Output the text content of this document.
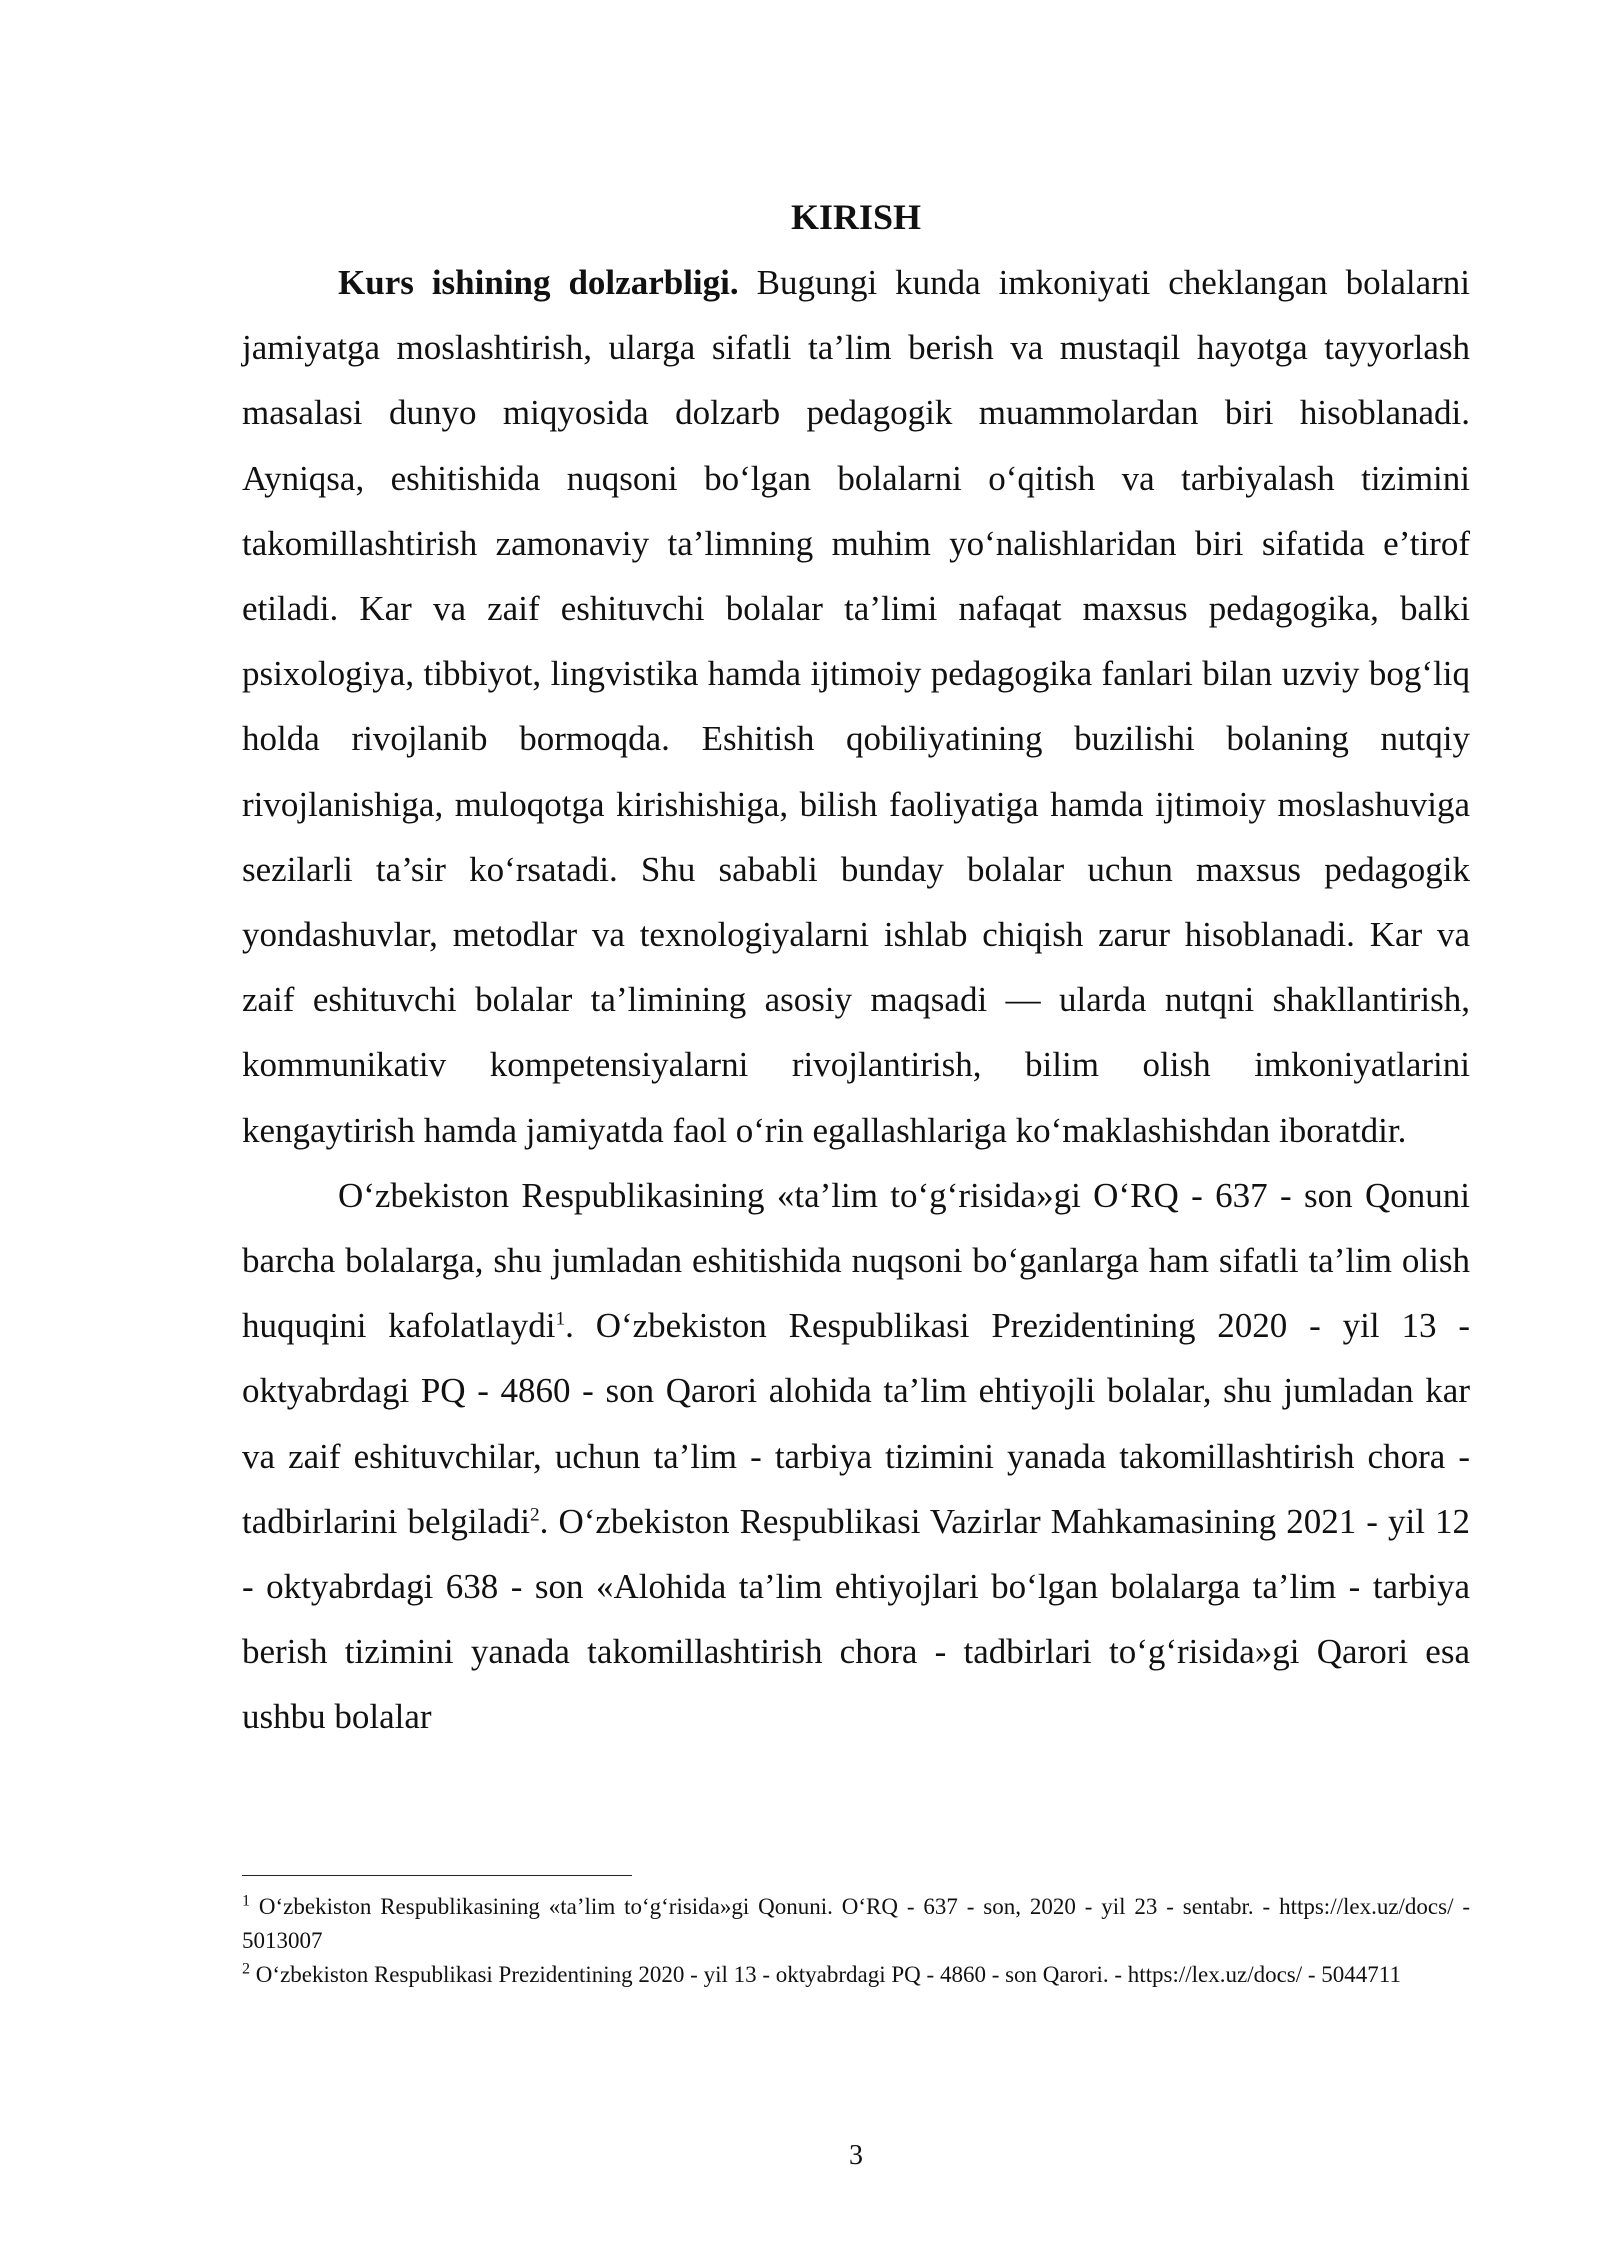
KIRISH

Kurs ishining dolzarbligi. Bugungi kunda imkoniyati cheklangan bolalarni jamiyatga moslashtirish, ularga sifatli ta’lim berish va mustaqil hayotga tayyorlash masalasi dunyo miqyosida dolzarb pedagogik muammolardan biri hisoblanadi. Ayniqsa, eshitishida nuqsoni bo‘lgan bolalarni o‘qitish va tarbiyalash tizimini takomillashtirish zamonaviy ta’limning muhim yo‘nalishlaridan biri sifatida e’tirof etiladi. Kar va zaif eshituvchi bolalar ta’limi nafaqat maxsus pedagogika, balki psixologiya, tibbiyot, lingvistika hamda ijtimoiy pedagogika fanlari bilan uzviy bog‘liq holda rivojlanib bormoqda. Eshitish qobiliyatining buzilishi bolaning nutqiy rivojlanishiga, muloqotga kirishishiga, bilish faoliyatiga hamda ijtimoiy moslashuviga sezilarli ta’sir ko‘rsatadi. Shu sababli bunday bolalar uchun maxsus pedagogik yondashuvlar, metodlar va texnologiyalarni ishlab chiqish zarur hisoblanadi. Kar va zaif eshituvchi bolalar ta’limining asosiy maqsadi — ularda nutqni shakllantirish, kommunikativ kompetensiyalarni rivojlantirish, bilim olish imkoniyatlarini kengaytirish hamda jamiyatda faol o‘rin egallashlariga ko‘maklashishdan iboratdir.

O‘zbekiston Respublikasining «ta’lim to‘g‘risida»gi O‘RQ - 637 - son Qonuni barcha bolalarga, shu jumladan eshitishida nuqsoni bo‘ganlarga ham sifatli ta’lim olish huquqini kafolatlaydi$^1$. O‘zbekiston Respublikasi Prezidentining 2020 - yil 13 - oktyabrdagi PQ - 4860 - son Qarori alohida ta’lim ehtiyojli bolalar, shu jumladan kar va zaif eshituvchilar, uchun ta’lim - tarbiya tizimini yanada takomillashtirish chora - tadbirlarini belgiladi$^2$. O‘zbekiston Respublikasi Vazirlar Mahkamasining 2021 - yil 12 - oktyabrdagi 638 - son «Alohida ta’lim ehtiyojlari bo‘lgan bolalarga ta’lim - tarbiya berish tizimini yanada takomillashtirish chora - tadbirlari to‘g‘risida»gi Qarori esa ushbu bolalar

$^1$ O‘zbekiston Respublikasining «ta’lim to‘g‘risida»gi Qonuni. O‘RQ - 637 - son, 2020 - yil 23 - sentabr. - https://lex.uz/docs/ - 5013007

$^2$ O‘zbekiston Respublikasi Prezidentining 2020 - yil 13 - oktyabrdagi PQ - 4860 - son Qarori. - https://lex.uz/docs/ - 5044711

3
